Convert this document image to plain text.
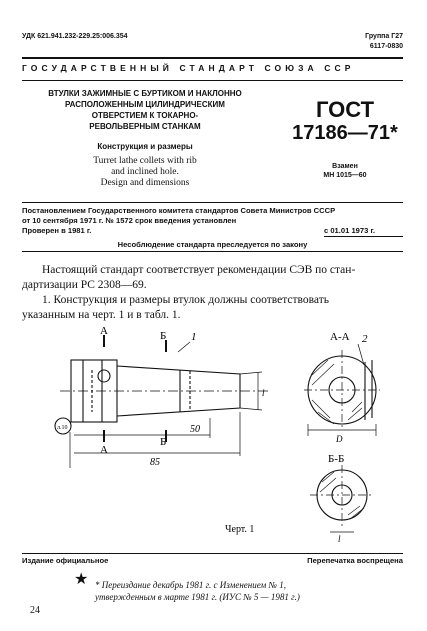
УДК 621.941.232-229.25:006.354	Группа Г27
6117-0830
ГОСУДАРСТВЕННЫЙ СТАНДАРТ СОЮЗА ССР
ВТУЛКИ ЗАЖИМНЫЕ С БУРТИКОМ И НАКЛОННО
РАСПОЛОЖЕННЫМ ЦИЛИНДРИЧЕСКИМ
ОТВЕРСТИЕМ К ТОКАРНО-
РЕВОЛЬВЕРНЫМ СТАНКАМ
Конструкция и размеры
Turret lathe collets with rib
and inclined hole.
Design and dimensions
ГОСТ
17186—71*
Взамен
МН 1015—60
Постановлением Государственного комитета стандартов Совета Министров СССР
от 10 сентября 1971 г. № 1572 срок введения установлен
Проверен в 1981 г.	с 01.01 1973 г.
Несоблюдение стандарта преследуется по закону
Настоящий стандарт соответствует рекомендации СЭВ по стан-
дартизации РС 2308—69.
1. Конструкция и размеры втулок должны соответствовать
указанным на черт. 1 и в табл. 1.
А
А
Б
Б
1
50
85
l
л.10
А-А 2
D
Б-Б
l
Черт. 1
Издание официальное	Перепечатка воспрещена
★ * Переиздание декабрь 1981 г. с Изменением № 1,
утвержденным в марте 1981 г. (ИУС № 5 — 1981 г.)
24
